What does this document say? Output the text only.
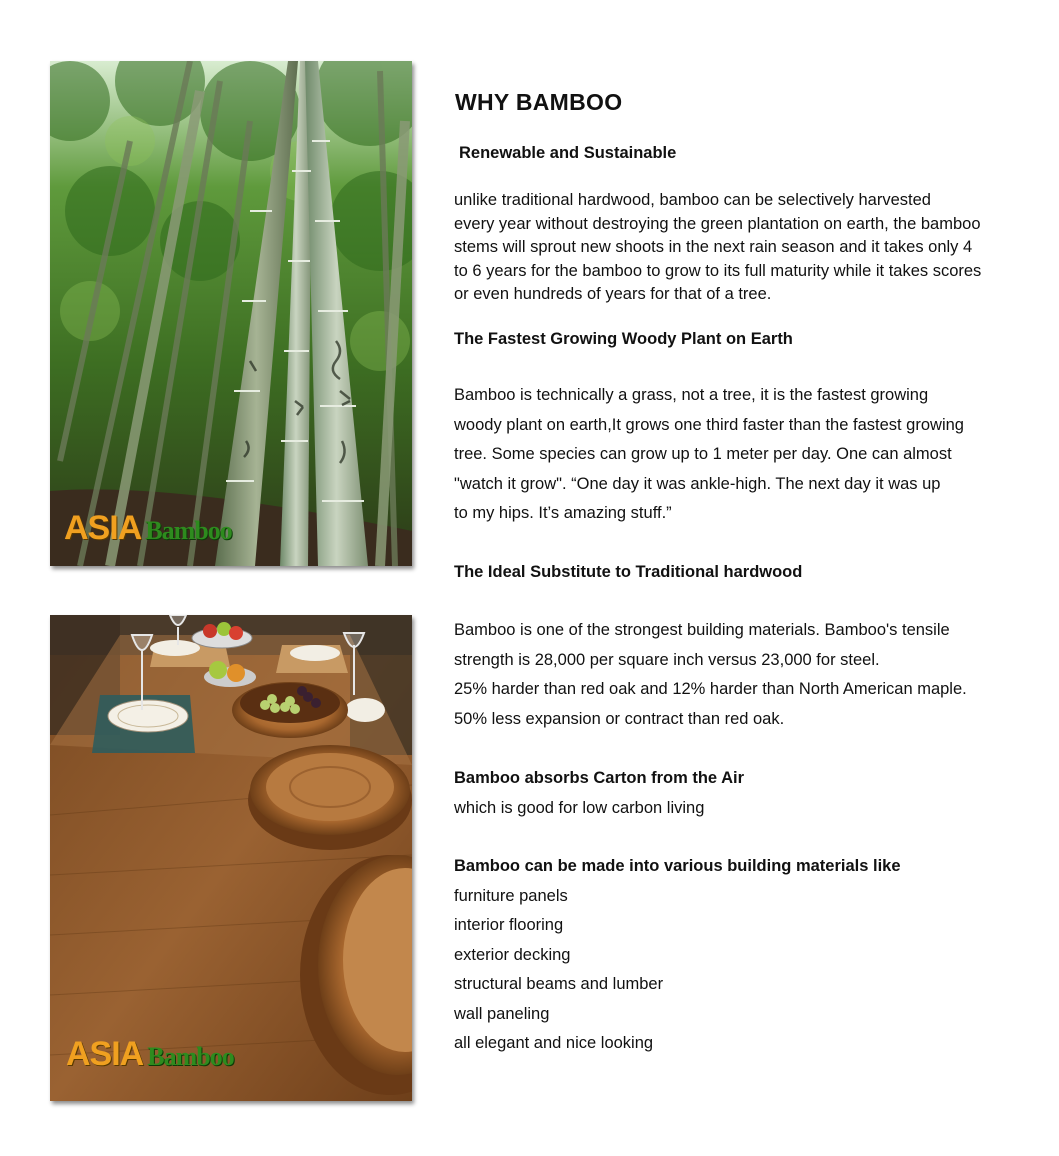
ASIA Bamboo
ASIA Bamboo
WHY BAMBOO
Renewable and Sustainable
unlike traditional hardwood, bamboo can be selectively harvested
every year without destroying the green plantation on earth, the bamboo
stems will sprout new shoots in the next rain season and it takes only 4
to 6 years for the bamboo to grow to its full maturity while it takes scores
or even hundreds of years for that of a tree.
The Fastest Growing Woody Plant on Earth
Bamboo is technically a grass, not a tree, it is the fastest growing
woody plant on earth,It grows one third faster than the fastest growing
tree. Some species can grow up to 1 meter per day. One can almost
"watch it grow". “One day it was ankle-high. The next day it was up
to my hips. It’s amazing stuff.”
The Ideal Substitute to Traditional hardwood
Bamboo is one of the strongest building materials. Bamboo's tensile
strength is 28,000 per square inch versus 23,000 for steel.
25% harder than red oak and 12% harder than North American maple.
50% less expansion or contract than red oak.
Bamboo absorbs Carton from the Air
which is good for low carbon living
Bamboo can be made into various building materials like
furniture panels
interior flooring
exterior decking
structural beams and lumber
wall paneling
all elegant and nice looking
